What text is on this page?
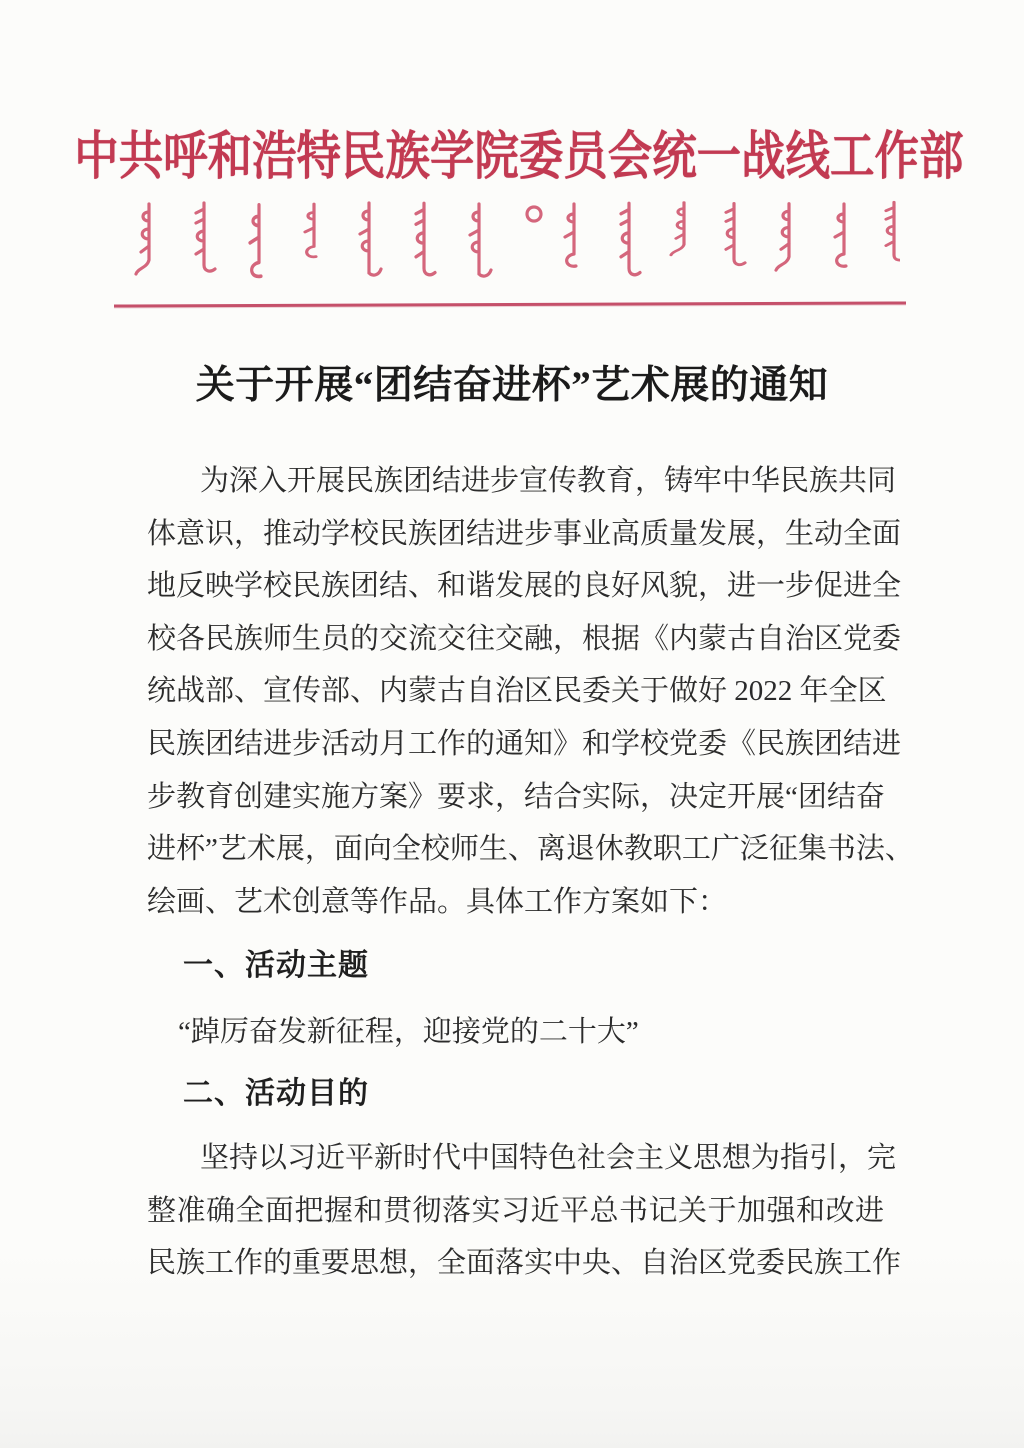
中共呼和浩特民族学院委员会统一战线工作部
关于开展“团结奋进杯”艺术展的通知
为深入开展民族团结进步宣传教育，铸牢中华民族共同
体意识，推动学校民族团结进步事业高质量发展，生动全面
地反映学校民族团结、和谐发展的良好风貌，进一步促进全
校各民族师生员的交流交往交融，根据《内蒙古自治区党委
统战部、宣传部、内蒙古自治区民委关于做好 2022 年全区
民族团结进步活动月工作的通知》和学校党委《民族团结进
步教育创建实施方案》要求，结合实际，决定开展“团结奋
进杯”艺术展，面向全校师生、离退休教职工广泛征集书法、
绘画、艺术创意等作品。具体工作方案如下：
一、活动主题
“踔厉奋发新征程，迎接党的二十大”
二、活动目的
坚持以习近平新时代中国特色社会主义思想为指引，完
整准确全面把握和贯彻落实习近平总书记关于加强和改进
民族工作的重要思想，全面落实中央、自治区党委民族工作
